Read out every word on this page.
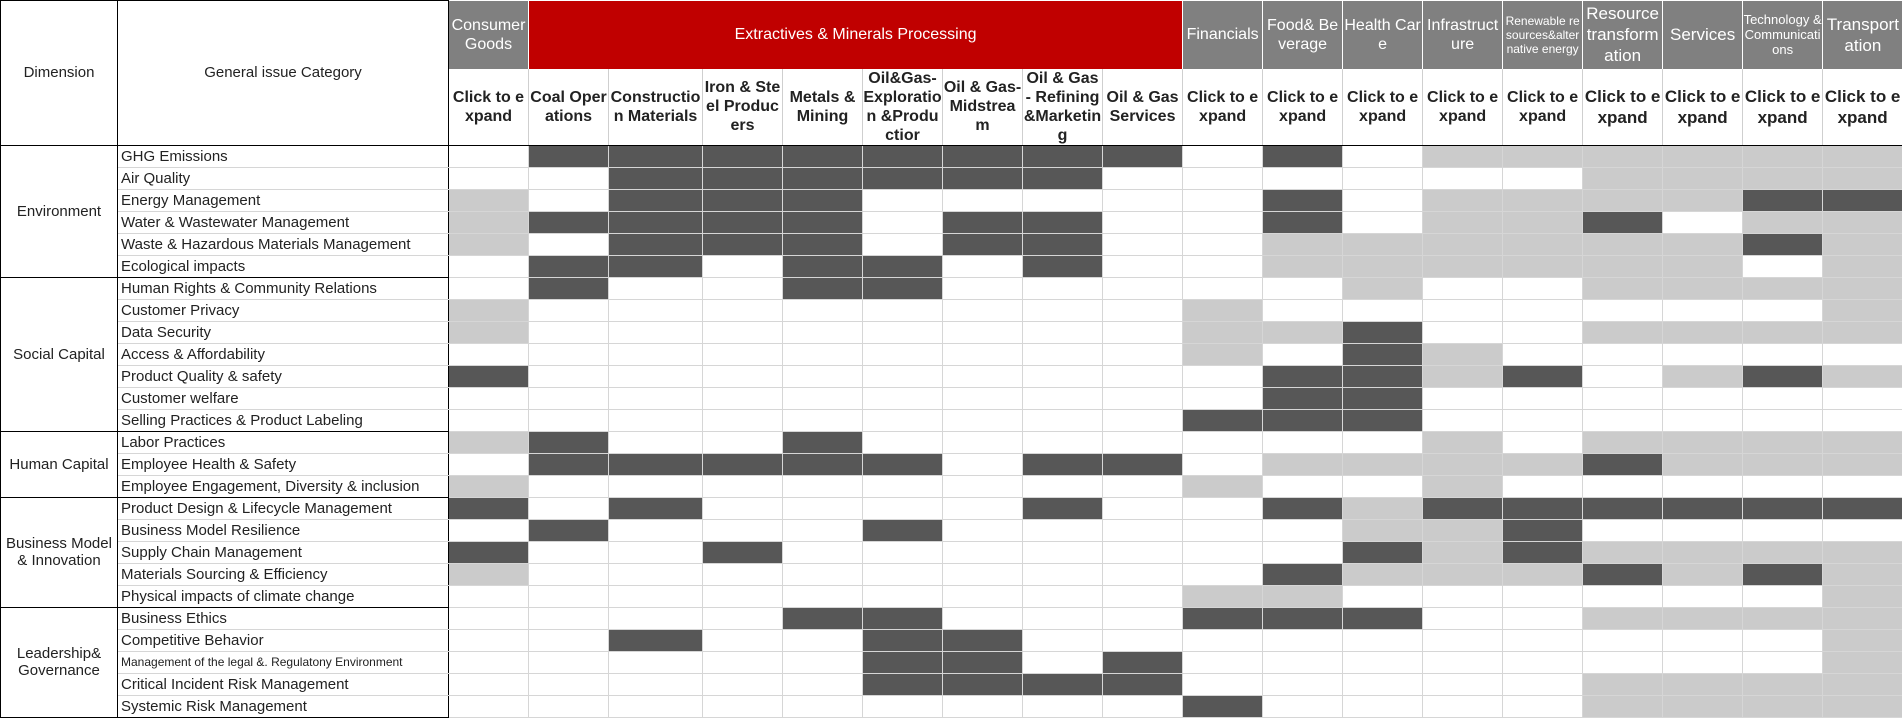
Dimension	General issue Category	Consumer Goods	Extractives & Minerals Processing								Financials	Food& Beverage	Health Care	Infrastructure	Renewable resources&alternative energy	Resource transformation	Services	Technology &Communications	Transportation
		Click to expand	Coal Operations	Construction Materials	Iron & Steel Producers	Metals & Mining	Oil&Gas-Exploration &Productior	Oil & Gas-Midstream	Oil & Gas - Refining &Marketing	Oil & Gas Services	Click to expand	Click to expand	Click to expand	Click to expand	Click to expand	Click to expand	Click to expand	Click to expand	Click to expand
Environment	GHG Emissions																		
	Air Quality																		
	Energy Management																		
	Water & Wastewater Management																		
	Waste & Hazardous Materials Management																		
	Ecological impacts																		
Social Capital	Human Rights & Community Relations																		
	Customer Privacy																		
	Data Security																		
	Access & Affordability																		
	Product Quality & safety																		
	Customer welfare																		
	Selling Practices & Product Labeling																		
Human Capital	Labor Practices																		
	Employee Health & Safety																		
	Employee Engagement, Diversity & inclusion																		
Business Model & Innovation	Product Design & Lifecycle Management																		
	Business Model Resilience																		
	Supply Chain Management																		
	Materials Sourcing & Efficiency																		
	Physical impacts of climate change																		
Leadership& Governance	Business Ethics																		
	Competitive Behavior																		
	Management of the legal &. Regulatony Environment																		
	Critical Incident Risk Management																		
	Systemic Risk Management																		
